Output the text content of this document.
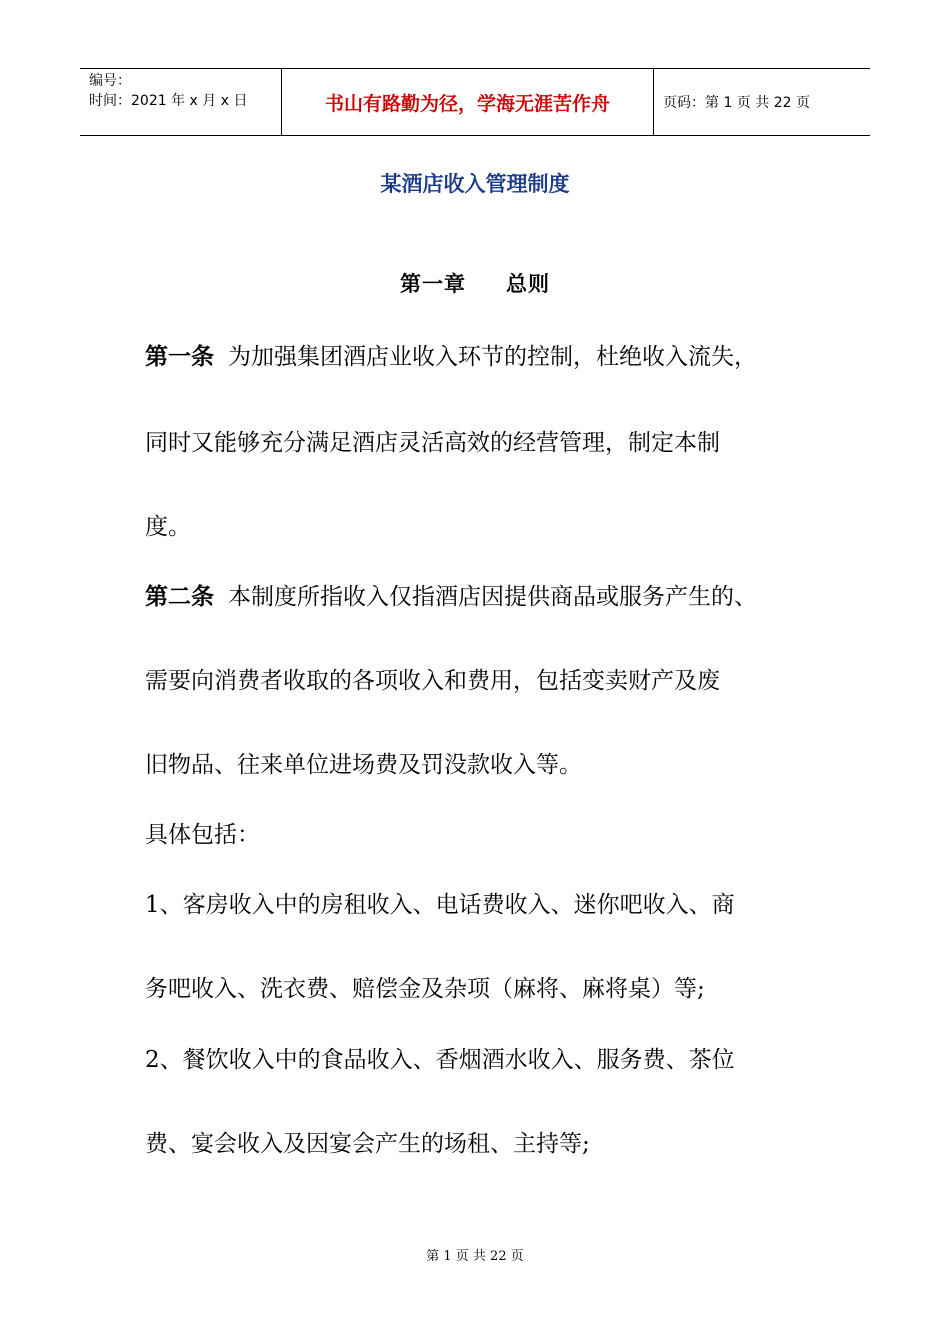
编号：
时间：2021 年 x 月 x 日	书山有路勤为径，学海无涯苦作舟	页码：第 1 页 共 22 页
某酒店收入管理制度
第一章 总则
第一条 为加强集团酒店业收入环节的控制，杜绝收入流失，
同时又能够充分满足酒店灵活高效的经营管理，制定本制
度。
第二条 本制度所指收入仅指酒店因提供商品或服务产生的、
需要向消费者收取的各项收入和费用，包括变卖财产及废
旧物品、往来单位进场费及罚没款收入等。
具体包括：
1、客房收入中的房租收入、电话费收入、迷你吧收入、商
务吧收入、洗衣费、赔偿金及杂项（麻将、麻将桌）等;
2、餐饮收入中的食品收入、香烟酒水收入、服务费、茶位
费、宴会收入及因宴会产生的场租、主持等;
第 1 页 共 22 页
